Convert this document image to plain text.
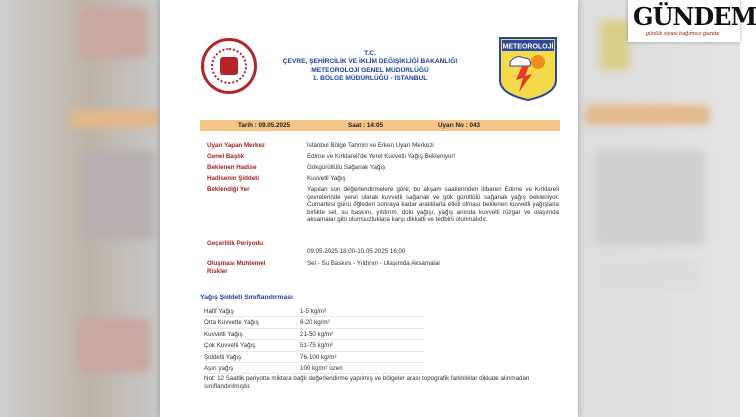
T.C.
ÇEVRE, ŞEHİRCİLİK VE İKLİM DEĞİŞİKLİĞİ BAKANLIĞI
METEOROLOJİ GENEL MÜDÜRLÜĞÜ
1. BÖLGE MÜDÜRLÜĞÜ - İSTANBUL
METEOROLOJİ
Tarih : 09.05.2025	Saat : 14:05	Uyarı No : 043
Uyarı Yapan Merkez	İstanbul Bölge Tahmin ve Erken Uyarı Merkezi
Genel Başlık	Edirne ve Kırklareli'de Yerel Kuvvetli Yağış Bekleniyor!
Beklenen Hadise	Gökgürültülü Sağanak Yağış
Hadisenin Şiddeti	Kuvvetli Yağış
Beklendiği Yer	Yapılan son değerlendirmelere göre; bu akşam saatlerinden itibaren Edirne ve Kırklareli çevrelerinde yerel olarak kuvvetli sağanak ve gök gürültülü sağanak yağış bekleniyor. Cumartesi günü öğleden sonraya kadar aralıklarla etkili olması beklenen kuvvetli yağışlarla birlikte sel, su baskını, yıldırım, dolu yağışı, yağış anında kuvvetli rüzgar ve ulaşımda aksamalar gibi olumsuzluklara karşı dikkatli ve tedbirli olunmalıdır.
Geçerlilik Periyodu
09.05.2025 18:00-10.05.2025 16:00
Oluşması Muhtemel Riskler
Sel - Su Baskını - Yıldırım - Ulaşımda Aksamalar
Yağış Şiddeti Sınıflandırması
Hafif Yağış	1-5 kg/m²
Orta Kuvvette Yağış	6-20 kg/m²
Kuvvetli Yağış	21-50 kg/m²
Çok Kuvvetli Yağış	51-75 kg/m²
Şiddetli Yağış	76-100 kg/m²
Aşırı yağış	100 kg/m² üzeri
Not: 12 Saatlik periyotta miktara bağlı değerlendirme yapılmış ve bölgeler arası topografik farklılıklar dikkate alınmadan sınıflandırılmıştır.
GÜNDEM
günlük siyasi bağımsız gazete
